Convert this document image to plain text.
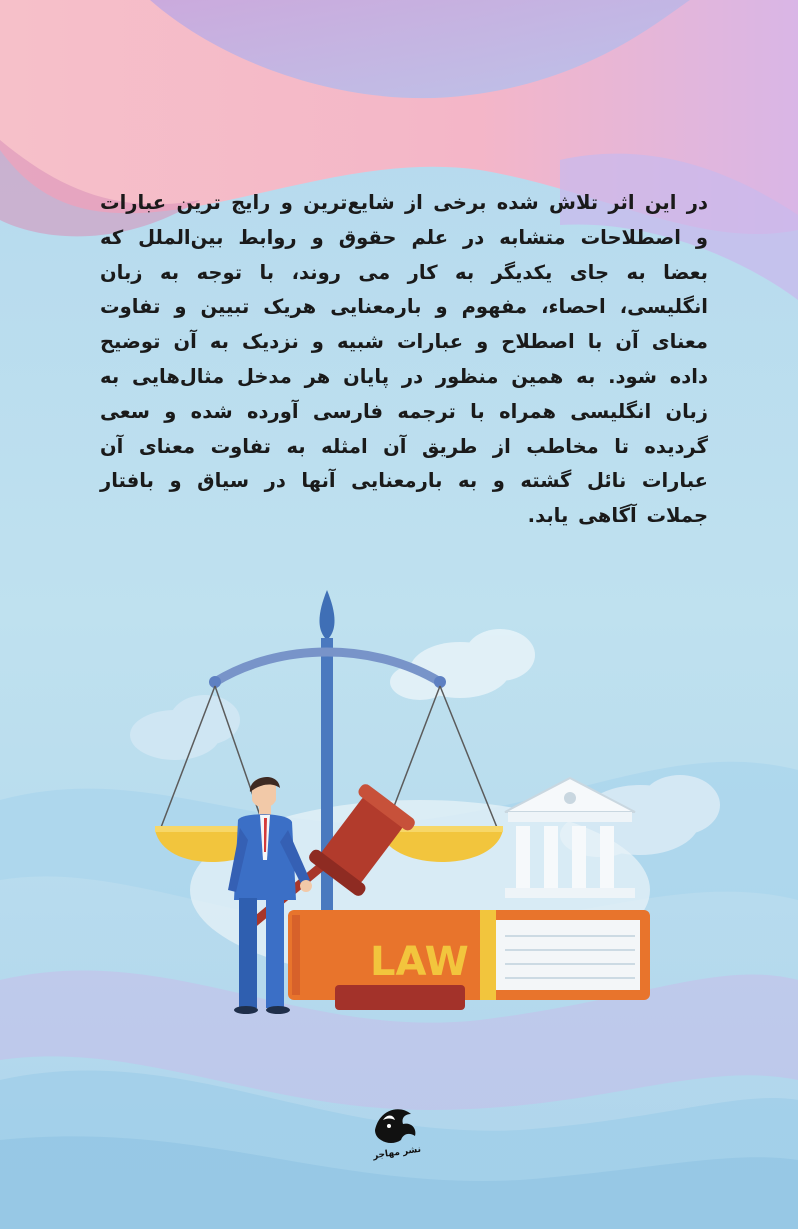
در این اثر تلاش شده برخی از شایع‌ترین و رایج ترین عبارات و اصطلاحات متشابه در علم حقوق و روابط بین‌الملل که بعضا به جای یکدیگر به کار می روند، با توجه به زبان انگلیسی، احصاء، مفهوم و بارمعنایی هریک تبیین و تفاوت معنای آن با اصطلاح و عبارات شبیه و نزدیک به آن توضیح داده شود. به همین منظور در پایان هر مدخل مثال‌هایی به زبان انگلیسی همراه با ترجمه فارسی آورده شده و سعی گردیده تا مخاطب از طریق آن امثله به تفاوت معنای آن عبارات نائل گشته و به بارمعنایی آنها در سیاق و بافتار جملات آگاهی یابد.
LAW
نشر مهاجر
